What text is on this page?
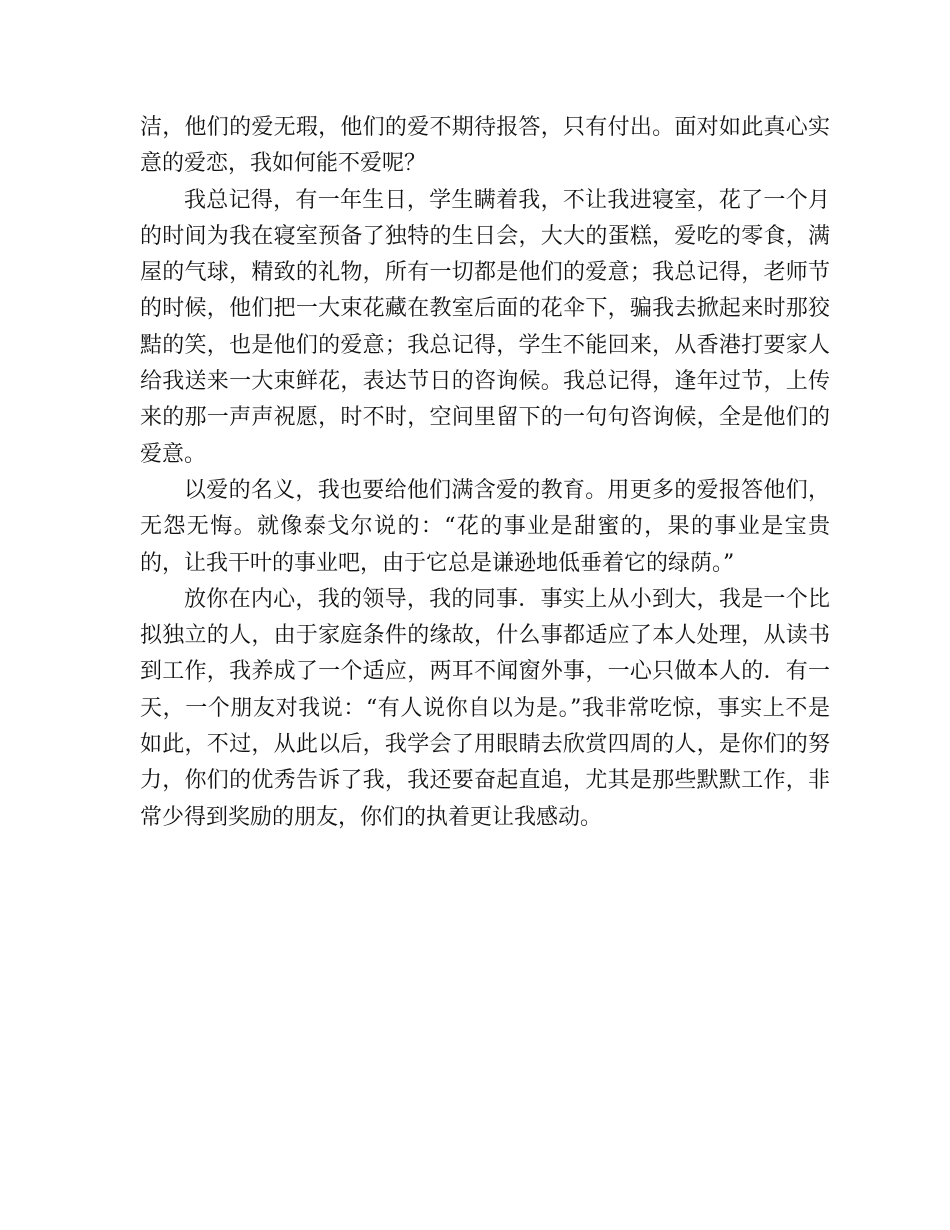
洁，他们的爱无瑕，他们的爱不期待报答，只有付出。面对如此真心实意的爱恋，我如何能不爱呢？

我总记得，有一年生日，学生瞒着我，不让我进寝室，花了一个月的时间为我在寝室预备了独特的生日会，大大的蛋糕，爱吃的零食，满屋的气球，精致的礼物，所有一切都是他们的爱意；我总记得，老师节的时候，他们把一大束花藏在教室后面的花伞下，骗我去掀起来时那狡黠的笑，也是他们的爱意；我总记得，学生不能回来，从香港打要家人给我送来一大束鲜花，表达节日的咨询候。我总记得，逢年过节，上传来的那一声声祝愿，时不时，空间里留下的一句句咨询候，全是他们的爱意。

以爱的名义，我也要给他们满含爱的教育。用更多的爱报答他们，无怨无悔。就像泰戈尔说的：“花的事业是甜蜜的，果的事业是宝贵的，让我干叶的事业吧，由于它总是谦逊地低垂着它的绿荫。”

放你在内心，我的领导，我的同事．事实上从小到大，我是一个比拟独立的人，由于家庭条件的缘故，什么事都适应了本人处理，从读书到工作，我养成了一个适应，两耳不闻窗外事，一心只做本人的．有一天，一个朋友对我说：“有人说你自以为是。”我非常吃惊，事实上不是如此，不过，从此以后，我学会了用眼睛去欣赏四周的人，是你们的努力，你们的优秀告诉了我，我还要奋起直追，尤其是那些默默工作，非常少得到奖励的朋友，你们的执着更让我感动。
